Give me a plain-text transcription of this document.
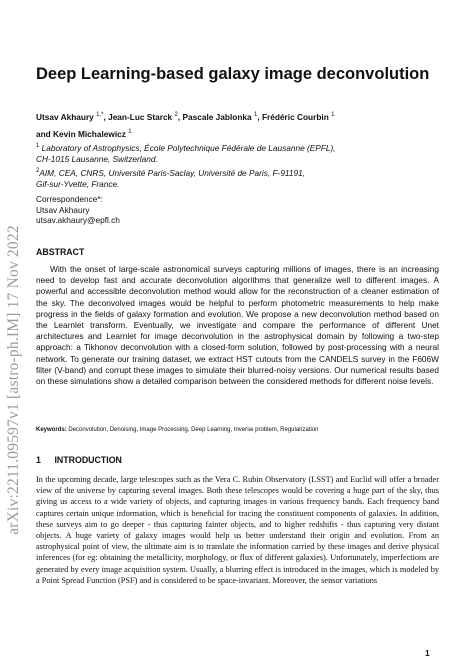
arXiv:2211.09597v1 [astro-ph.IM] 17 Nov 2022
Deep Learning-based galaxy image deconvolution
Utsav Akhaury $^{1,*}$, Jean-Luc Starck $^2$, Pascale Jablonka $^1$, Frédéric Courbin $^1$
and Kevin Michalewicz $^1$
$^1$ Laboratory of Astrophysics, École Polytechnique Fédérale de Lausanne (EPFL),
CH-1015 Lausanne, Switzerland.
$^2$AIM, CEA, CNRS, Université Paris-Saclay, Université de Paris, F-91191,
Gif-sur-Yvette, France.
Correspondence*:
Utsav Akhaury
utsav.akhaury@epfl.ch
ABSTRACT
With the onset of large-scale astronomical surveys capturing millions of images, there is an increasing need to develop fast and accurate deconvolution algorithms that generalize well to different images. A powerful and accessible deconvolution method would allow for the reconstruction of a cleaner estimation of the sky. The deconvolved images would be helpful to perform photometric measurements to help make progress in the fields of galaxy formation and evolution. We propose a new deconvolution method based on the Learnlet transform. Eventually, we investigate and compare the performance of different Unet architectures and Learnlet for image deconvolution in the astrophysical domain by following a two-step approach: a Tikhonov deconvolution with a closed-form solution, followed by post-processing with a neural network. To generate our training dataset, we extract HST cutouts from the CANDELS survey in the F606W filter (V-band) and corrupt these images to simulate their blurred-noisy versions. Our numerical results based on these simulations show a detailed comparison between the considered methods for different noise levels.
Keywords: Deconvolution, Denoising, Image Processing, Deep Learning, Inverse problem, Regularization
1 INTRODUCTION
In the upcoming decade, large telescopes such as the Vera C. Rubin Observatory (LSST) and Euclid will offer a broader view of the universe by capturing several images. Both these telescopes would be covering a huge part of the sky, thus giving us access to a wide variety of objects, and capturing images in various frequency bands. Each frequency band captures certain unique information, which is beneficial for tracing the constituent components of galaxies. In addition, these surveys aim to go deeper - thus capturing fainter objects, and to higher redshifts - thus capturing very distant objects. A huge variety of galaxy images would help us better understand their origin and evolution. From an astrophysical point of view, the ultimate aim is to translate the information carried by these images and derive physical inferences (for eg: obtaining the metallicity, morphology, or flux of different galaxies). Unfortunately, imperfections are generated by every image acquisition system. Usually, a blurring effect is introduced in the images, which is modeled by a Point Spread Function (PSF) and is considered to be space-invariant. Moreover, the sensor variations
1
